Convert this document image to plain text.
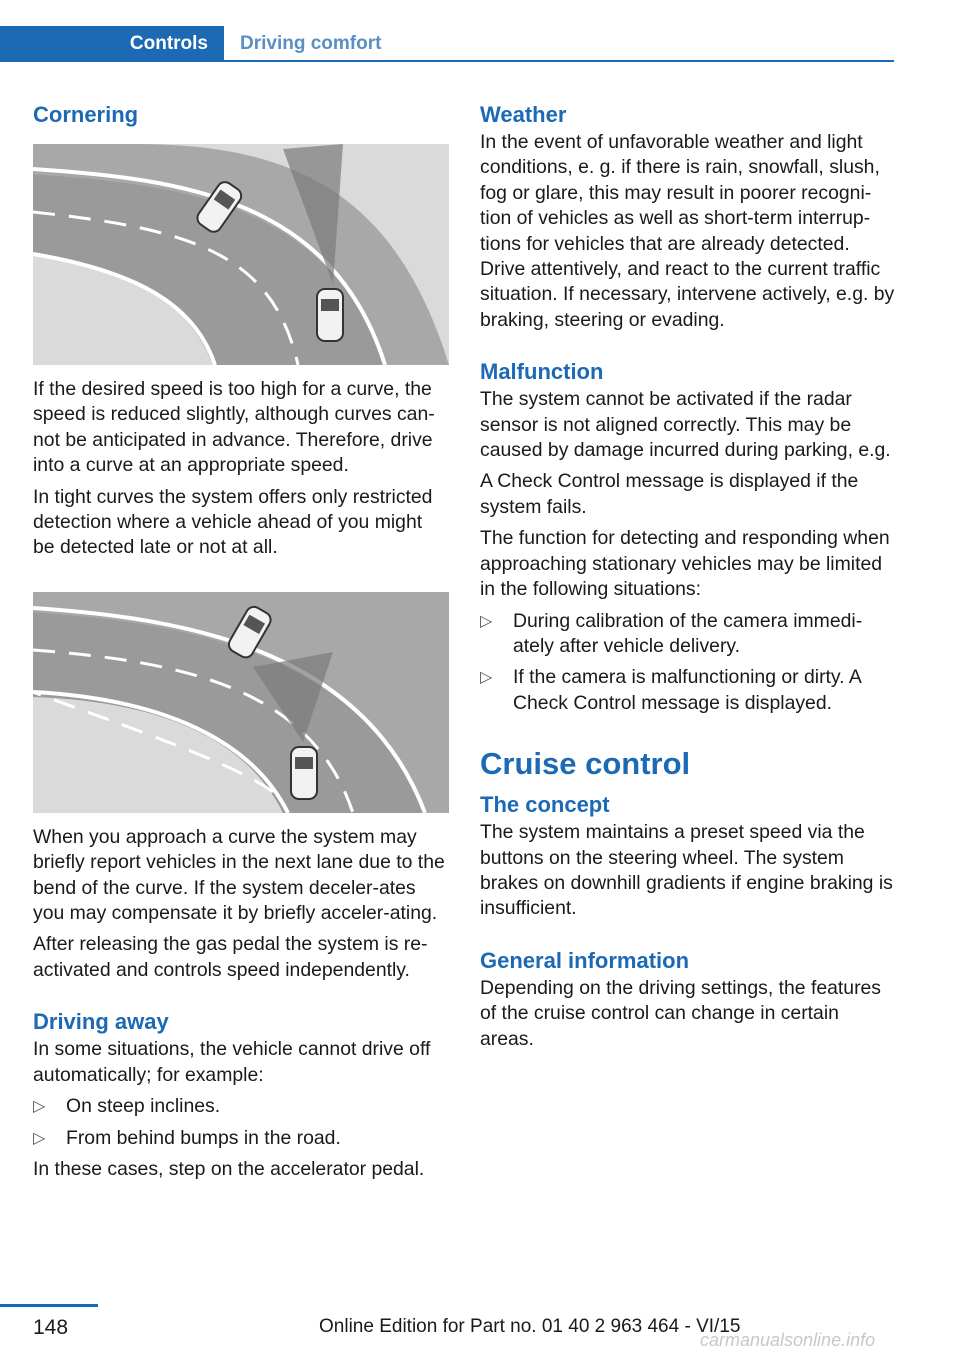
Controls	Driving comfort
Cornering

If the desired speed is too high for a curve, the speed is reduced slightly, although curves can-not be anticipated in advance. Therefore, drive into a curve at an appropriate speed.

In tight curves the system offers only restricted detection where a vehicle ahead of you might be detected late or not at all.

When you approach a curve the system may briefly report vehicles in the next lane due to the bend of the curve. If the system deceler-ates you may compensate it by briefly acceler-ating.

After releasing the gas pedal the system is re-activated and controls speed independently.

Driving away

In some situations, the vehicle cannot drive off automatically; for example:

▷ On steep inclines.
▷ From behind bumps in the road.

In these cases, step on the accelerator pedal.

Weather

In the event of unfavorable weather and light conditions, e. g. if there is rain, snowfall, slush, fog or glare, this may result in poorer recogni-tion of vehicles as well as short-term interrup-tions for vehicles that are already detected. Drive attentively, and react to the current traffic situation. If necessary, intervene actively, e.g. by braking, steering or evading.

Malfunction

The system cannot be activated if the radar sensor is not aligned correctly. This may be caused by damage incurred during parking, e.g.

A Check Control message is displayed if the system fails.

The function for detecting and responding when approaching stationary vehicles may be limited in the following situations:

▷ During calibration of the camera immedi-ately after vehicle delivery.
▷ If the camera is malfunctioning or dirty. A Check Control message is displayed.
Cruise control
The concept

The system maintains a preset speed via the buttons on the steering wheel. The system brakes on downhill gradients if engine braking is insufficient.

General information

Depending on the driving settings, the features of the cruise control can change in certain areas.

148	Online Edition for Part no. 01 40 2 963 464 - VI/15
carmanualsonline.info
